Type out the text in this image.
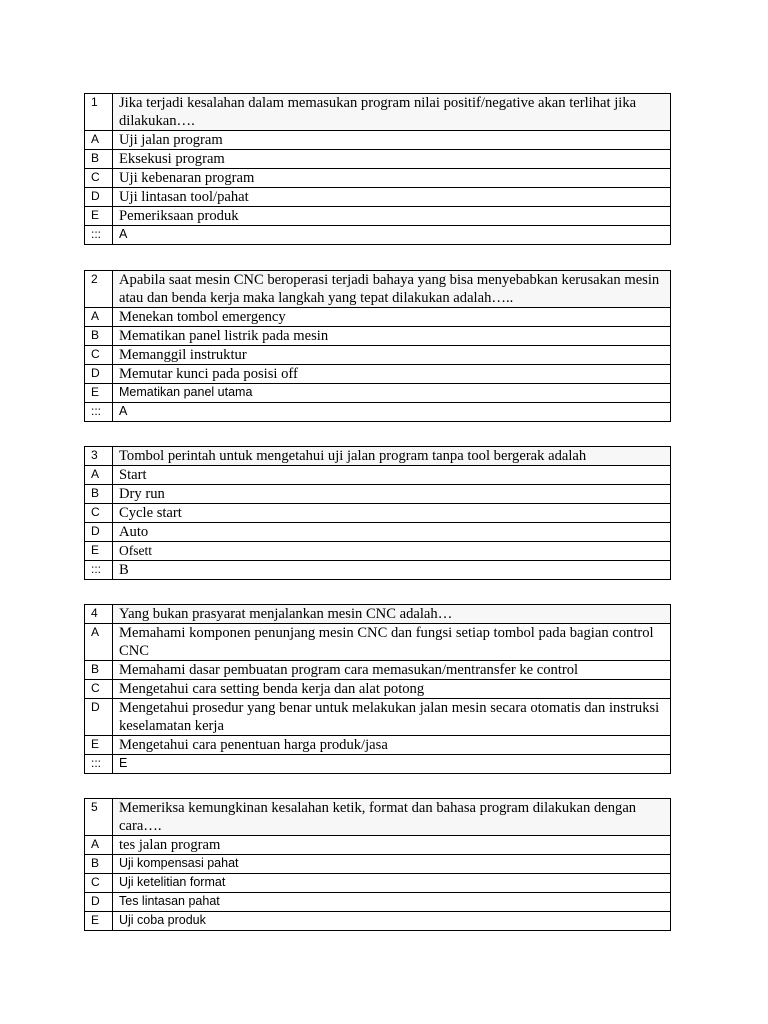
1	Jika terjadi kesalahan dalam memasukan program nilai positif/negative akan terlihat jika dilakukan….
A	Uji jalan program
B	Eksekusi program
C	Uji kebenaran program
D	Uji lintasan tool/pahat
E	Pemeriksaan produk
:::	A
2	Apabila saat mesin CNC beroperasi terjadi bahaya yang bisa menyebabkan kerusakan mesin atau dan benda kerja maka langkah yang tepat dilakukan adalah…..
A	Menekan tombol emergency
B	Mematikan panel listrik pada mesin
C	Memanggil instruktur
D	Memutar kunci pada posisi off
E	Mematikan panel utama
:::	A
3	Tombol perintah untuk mengetahui uji jalan program tanpa tool bergerak adalah
A	Start
B	Dry run
C	Cycle start
D	Auto
E	Ofsett
:::	B
4	Yang bukan prasyarat menjalankan mesin CNC adalah…
A	Memahami komponen penunjang mesin CNC dan fungsi setiap tombol pada bagian control CNC
B	Memahami dasar pembuatan program cara memasukan/mentransfer ke control
C	Mengetahui cara setting benda kerja dan alat potong
D	Mengetahui prosedur yang benar untuk melakukan jalan mesin secara otomatis dan instruksi keselamatan kerja
E	Mengetahui cara penentuan harga produk/jasa
:::	E
5	Memeriksa kemungkinan kesalahan ketik, format dan bahasa program dilakukan dengan cara….
A	tes jalan program
B	Uji kompensasi pahat
C	Uji ketelitian format
D	Tes lintasan pahat
E	Uji coba produk
